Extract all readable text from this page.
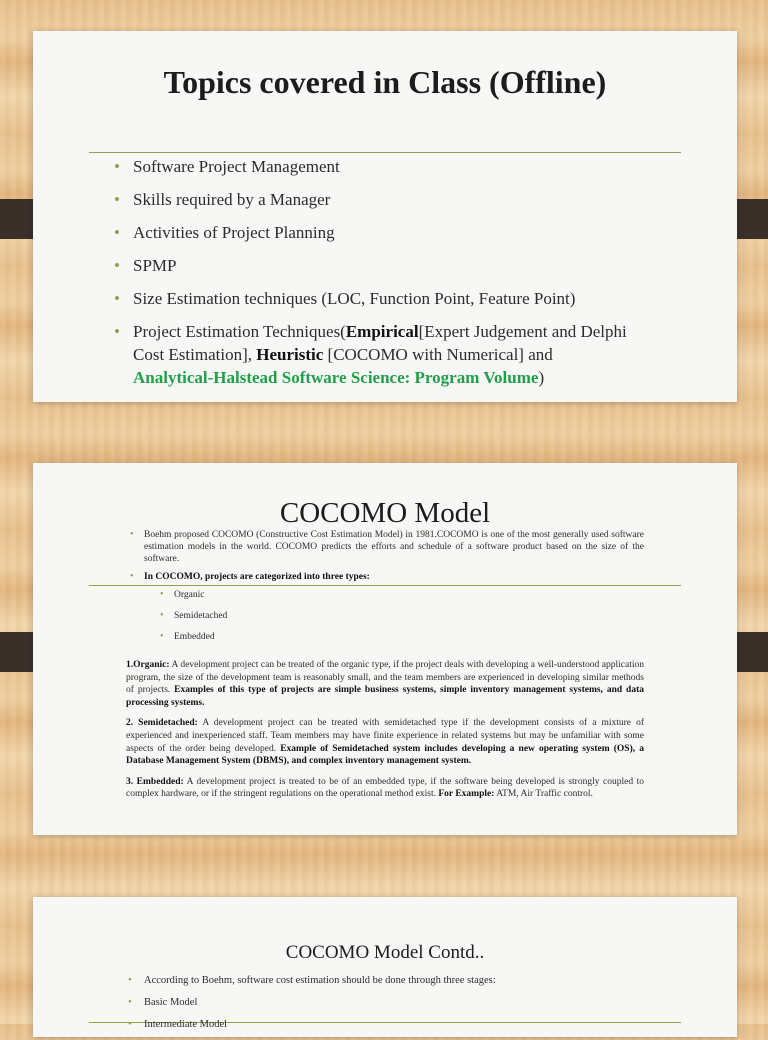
Topics covered in Class (Offline)
• Software Project Management
• Skills required by a Manager
• Activities of Project Planning
• SPMP
• Size Estimation techniques (LOC, Function Point, Feature Point)
• Project Estimation Techniques(Empirical[Expert Judgement and Delphi Cost Estimation], Heuristic [COCOMO with Numerical] and Analytical-Halstead Software Science: Program Volume)
COCOMO Model
• Boehm proposed COCOMO (Constructive Cost Estimation Model) in 1981.COCOMO is one of the most generally used software estimation models in the world. COCOMO predicts the efforts and schedule of a software product based on the size of the software.
• In COCOMO, projects are categorized into three types:
• Organic
• Semidetached
• Embedded

1.Organic: A development project can be treated of the organic type, if the project deals with developing a well-understood application program, the size of the development team is reasonably small, and the team members are experienced in developing similar methods of projects. Examples of this type of projects are simple business systems, simple inventory management systems, and data processing systems.

2. Semidetached: A development project can be treated with semidetached type if the development consists of a mixture of experienced and inexperienced staff. Team members may have finite experience in related systems but may be unfamiliar with some aspects of the order being developed. Example of Semidetached system includes developing a new operating system (OS), a Database Management System (DBMS), and complex inventory management system.

3. Embedded: A development project is treated to be of an embedded type, if the software being developed is strongly coupled to complex hardware, or if the stringent regulations on the operational method exist. For Example: ATM, Air Traffic control.

COCOMO Model Contd..
• According to Boehm, software cost estimation should be done through three stages:
• Basic Model
• Intermediate Model
